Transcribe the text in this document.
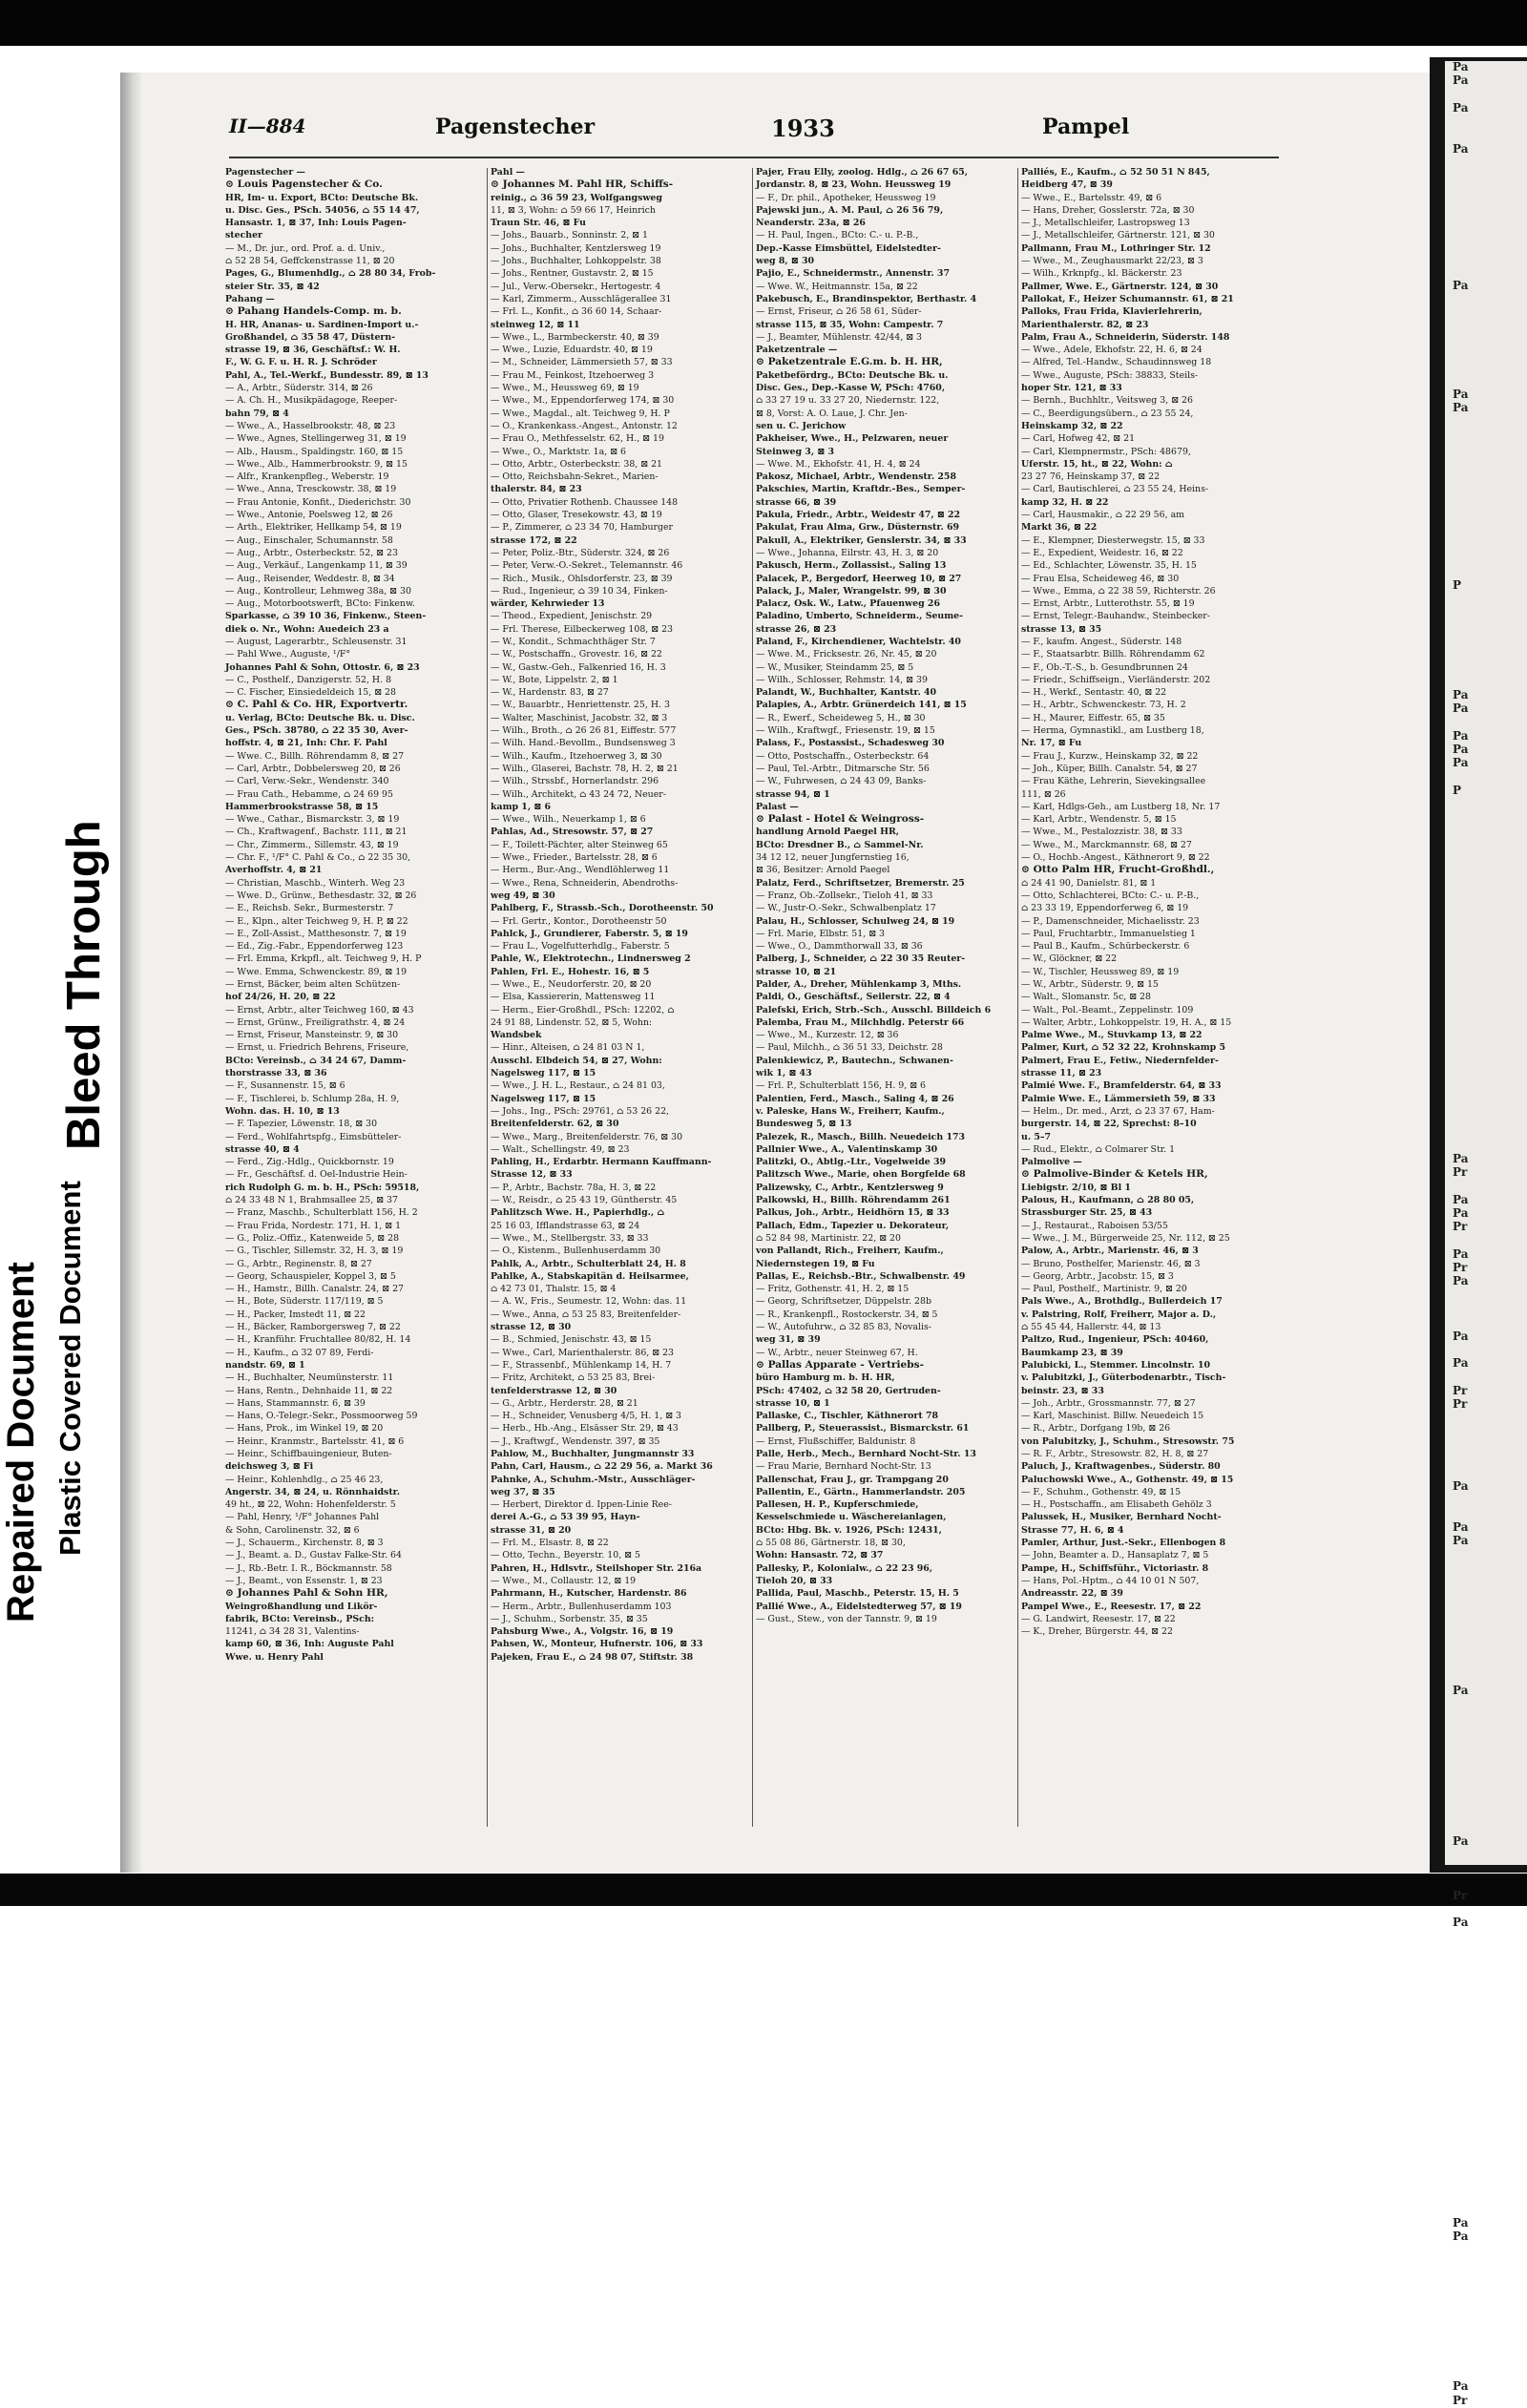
Pa
Pa
Pa
Pa
Pa
Pa
Pa
P
Pa
Pa
Pa
Pa
Pa
P
Pa
Pr
Pa
Pa
Pr
Pa
Pr
Pa
Pa
Pa
Pr
Pr
Pa
Pa
Pa
Pa
Pa
Pr
Pa
Pa
Pa
Pa
Pr
Bleed Through
Repaired Document Plastic Covered Document
II—884	Pagenstecher	1933	Pampel
Pagenstecher —
⊙ Louis Pagenstecher & Co.
HR, Im- u. Export, BCto: Deutsche Bk.
u. Disc. Ges., PSch. 54056, ⌂ 55 14 47,
Hansastr. 1, ⊠ 37, Inh: Louis Pagen-
stecher
— M., Dr. jur., ord. Prof. a. d. Univ.,
⌂ 52 28 54, Geffckenstrasse 11, ⊠ 20
Pages, G., Blumenhdlg., ⌂ 28 80 34, Frob-
steier Str. 35, ⊠ 42
Pahang —
⊙ Pahang Handels-Comp. m. b.
H. HR, Ananas- u. Sardinen-Import u.-
Großhandel, ⌂ 35 58 47, Düstern-
strasse 19, ⊠ 36, Geschäftsf.: W. H.
F., W. G. F. u. H. R. J. Schröder
Pahl, A., Tel.-Werkf., Bundesstr. 89, ⊠ 13
— A., Arbtr., Süderstr. 314, ⊠ 26
— A. Ch. H., Musikpädagoge, Reeper-
bahn 79, ⊠ 4
— Wwe., A., Hasselbrookstr. 48, ⊠ 23
— Wwe., Agnes, Stellingerweg 31, ⊠ 19
— Alb., Hausm., Spaldingstr. 160, ⊠ 15
— Wwe., Alb., Hammerbrookstr. 9, ⊠ 15
— Alfr., Krankenpfleg., Weberstr. 19
— Wwe., Anna, Tresckowstr. 38, ⊠ 19
— Frau Antonie, Konfit., Diederichstr. 30
— Wwe., Antonie, Poelsweg 12, ⊠ 26
— Arth., Elektriker, Hellkamp 54, ⊠ 19
— Aug., Einschaler, Schumannstr. 58
— Aug., Arbtr., Osterbeckstr. 52, ⊠ 23
— Aug., Verkäuf., Langenkamp 11, ⊠ 39
— Aug., Reisender, Weddestr. 8, ⊠ 34
— Aug., Kontrolleur, Lehmweg 38a, ⊠ 30
— Aug., Motorbootswerft, BCto: Finkenw.
Sparkasse, ⌂ 39 10 36, Finkenw., Steen-
diek o. Nr., Wohn: Auedeich 23 a
— August, Lagerarbtr., Schleusenstr. 31
— Pahl Wwe., Auguste, ¹/F°
Johannes Pahl & Sohn, Ottostr. 6, ⊠ 23
— C., Posthelf., Danzigerstr. 52, H. 8
— C. Fischer, Einsiedeldeich 15, ⊠ 28
⊙ C. Pahl & Co. HR, Exportvertr.
u. Verlag, BCto: Deutsche Bk. u. Disc.
Ges., PSch. 38780, ⌂ 22 35 30, Aver-
hoffstr. 4, ⊠ 21, Inh: Chr. F. Pahl
— Wwe. C., Billh. Röhrendamm 8, ⊠ 27
— Carl, Arbtr., Dobbelersweg 20, ⊠ 26
— Carl, Verw.-Sekr., Wendenstr. 340
— Frau Cath., Hebamme, ⌂ 24 69 95
Hammerbrookstrasse 58, ⊠ 15
— Wwe., Cathar., Bismarckstr. 3, ⊠ 19
— Ch., Kraftwagenf., Bachstr. 111, ⊠ 21
— Chr., Zimmerm., Sillemstr. 43, ⊠ 19
— Chr. F., ¹/F° C. Pahl & Co., ⌂ 22 35 30,
Averhoffstr. 4, ⊠ 21
— Christian, Maschb., Winterh. Weg 23
— Wwe. D., Grünw., Bethesdastr. 32, ⊠ 26
— E., Reichsb. Sekr., Burmesterstr. 7
— E., Klpn., alter Teichweg 9, H. P, ⊠ 22
— E., Zoll-Assist., Matthesonstr. 7, ⊠ 19
— Ed., Zig.-Fabr., Eppendorferweg 123
— Frl. Emma, Krkpfl., alt. Teichweg 9, H. P
— Wwe. Emma, Schwenckestr. 89, ⊠ 19
— Ernst, Bäcker, beim alten Schützen-
hof 24/26, H. 20, ⊠ 22
— Ernst, Arbtr., alter Teichweg 160, ⊠ 43
— Ernst, Grünw., Freiligrathstr. 4, ⊠ 24
— Ernst, Friseur, Mansteinstr. 9, ⊠ 30
— Ernst, u. Friedrich Behrens, Friseure,
BCto: Vereinsb., ⌂ 34 24 67, Damm-
thorstrasse 33, ⊠ 36
— F., Susannenstr. 15, ⊠ 6
— F., Tischlerei, b. Schlump 28a, H. 9,
Wohn. das. H. 10, ⊠ 13
— F. Tapezier, Löwenstr. 18, ⊠ 30
— Ferd., Wohlfahrtspfg., Eimsbütteler-
strasse 40, ⊠ 4
— Ferd., Zig.-Hdlg., Quickbornstr. 19
— Fr., Geschäftsf. d. Oel-Industrie Hein-
rich Rudolph G. m. b. H., PSch: 59518,
⌂ 24 33 48 N 1, Brahmsallee 25, ⊠ 37
— Franz, Maschb., Schulterblatt 156, H. 2
— Frau Frida, Nordestr. 171, H. 1, ⊠ 1
— G., Poliz.-Offiz., Katenweide 5, ⊠ 28
— G., Tischler, Sillemstr. 32, H. 3, ⊠ 19
— G., Arbtr., Reginenstr. 8, ⊠ 27
— Georg, Schauspieler, Koppel 3, ⊠ 5
— H., Hamstr., Billh. Canalstr. 24, ⊠ 27
— H., Bote, Süderstr. 117/119, ⊠ 5
— H., Packer, Imstedt 11, ⊠ 22
— H., Bäcker, Ramborgersweg 7, ⊠ 22
— H., Kranführ. Fruchtallee 80/82, H. 14
— H., Kaufm., ⌂ 32 07 89, Ferdi-
nandstr. 69, ⊠ 1
— H., Buchhalter, Neumünsterstr. 11
— Hans, Rentn., Dehnhaide 11, ⊠ 22
— Hans, Stammannstr. 6, ⊠ 39
— Hans, O.-Telegr.-Sekr., Possmoorweg 59
— Hans, Prok., im Winkel 19, ⊠ 20
— Heinr., Kranmstr., Bartelsstr. 41, ⊠ 6
— Heinr., Schiffbauingenieur, Buten-
deichsweg 3, ⊠ Fi
— Heinr., Kohlenhdlg., ⌂ 25 46 23,
Angerstr. 34, ⊠ 24, u. Rönnhaidstr.
49 ht., ⊠ 22, Wohn: Hohenfelderstr. 5
— Pahl, Henry, ¹/F° Johannes Pahl
& Sohn, Carolinenstr. 32, ⊠ 6
— J., Schauerm., Kirchenstr. 8, ⊠ 3
— J., Beamt. a. D., Gustav Falke-Str. 64
— J., Rb.-Betr. I. R., Böckmannstr. 58
— J., Beamt., von Essenstr. 1, ⊠ 23
⊙ Johannes Pahl & Sohn HR,
Weingroßhandlung und Likör-
fabrik, BCto: Vereinsb., PSch:
11241, ⌂ 34 28 31, Valentins-
kamp 60, ⊠ 36, Inh: Auguste Pahl
Wwe. u. Henry Pahl
Pahl —
⊙ Johannes M. Pahl HR, Schiffs-
reinig., ⌂ 36 59 23, Wolfgangsweg
11, ⊠ 3, Wohn: ⌂ 59 66 17, Heinrich
Traun Str. 46, ⊠ Fu
— Johs., Bauarb., Sonninstr. 2, ⊠ 1
— Johs., Buchhalter, Kentzlersweg 19
— Johs., Buchhalter, Lohkoppelstr. 38
— Johs., Rentner, Gustavstr. 2, ⊠ 15
— Jul., Verw.-Obersekr., Hertogestr. 4
— Karl, Zimmerm., Ausschlägerallee 31
— Frl. L., Konfit., ⌂ 36 60 14, Schaar-
steinweg 12, ⊠ 11
— Wwe., L., Barmbeckerstr. 40, ⊠ 39
— Wwe., Luzie, Eduardstr. 40, ⊠ 19
— M., Schneider, Lämmersieth 57, ⊠ 33
— Frau M., Feinkost, Itzehoerweg 3
— Wwe., M., Heussweg 69, ⊠ 19
— Wwe., M., Eppendorferweg 174, ⊠ 30
— Wwe., Magdal., alt. Teichweg 9, H. P
— O., Krankenkass.-Angest., Antonstr. 12
— Frau O., Methfesselstr. 62, H., ⊠ 19
— Wwe., O., Marktstr. 1a, ⊠ 6
— Otto, Arbtr., Osterbeckstr. 38, ⊠ 21
— Otto, Reichsbahn-Sekret., Marien-
thalerstr. 84, ⊠ 23
— Otto, Privatier Rothenb. Chaussee 148
— Otto, Glaser, Tresekowstr. 43, ⊠ 19
— P., Zimmerer, ⌂ 23 34 70, Hamburger
strasse 172, ⊠ 22
— Peter, Poliz.-Btr., Süderstr. 324, ⊠ 26
— Peter, Verw.-O.-Sekret., Telemannstr. 46
— Rich., Musik., Ohlsdorferstr. 23, ⊠ 39
— Rud., Ingenieur, ⌂ 39 10 34, Finken-
wärder, Kehrwieder 13
— Theod., Expedient, Jenischstr. 29
— Frl. Therese, Eilbeckerweg 108, ⊠ 23
— W., Kondit., Schmachthäger Str. 7
— W., Postschaffn., Grovestr. 16, ⊠ 22
— W., Gastw.-Geh., Falkenried 16, H. 3
— W., Bote, Lippelstr. 2, ⊠ 1
— W., Hardenstr. 83, ⊠ 27
— W., Bauarbtr., Henriettenstr. 25, H. 3
— Walter, Maschinist, Jacobstr. 32, ⊠ 3
— Wilh., Broth., ⌂ 26 26 81, Eiffestr. 577
— Wilh. Hand.-Bevollm., Bundsensweg 3
— Wilh., Kaufm., Itzehoerweg 3, ⊠ 30
— Wilh., Glaserei, Bachstr. 78, H. 2, ⊠ 21
— Wilh., Strssbf., Hornerlandstr. 296
— Wilh., Architekt, ⌂ 43 24 72, Neuer-
kamp 1, ⊠ 6
— Wwe., Wilh., Neuerkamp 1, ⊠ 6
Pahlas, Ad., Stresowstr. 57, ⊠ 27
— F., Toilett-Pächter, alter Steinweg 65
— Wwe., Frieder., Bartelsstr. 28, ⊠ 6
— Herm., Bur.-Ang., Wendlöhlerweg 11
— Wwe., Rena, Schneiderin, Abendroths-
weg 49, ⊠ 30
Pahlberg, F., Strassb.-Sch., Dorotheenstr. 50
— Frl. Gertr., Kontor., Dorotheenstr 50
Pahlck, J., Grundierer, Faberstr. 5, ⊠ 19
— Frau L., Vogelfutterhdlg., Faberstr. 5
Pahle, W., Elektrotechn., Lindnersweg 2
Pahlen, Frl. E., Hohestr. 16, ⊠ 5
— Wwe., E., Neudorferstr. 20, ⊠ 20
— Elsa, Kassiererin, Mattensweg 11
— Herm., Eier-Großhdl., PSch: 12202, ⌂
24 91 88, Lindenstr. 52, ⊠ 5, Wohn:
Wandsbek
— Hinr., Alteisen, ⌂ 24 81 03 N 1,
Ausschl. Elbdeich 54, ⊠ 27, Wohn:
Nagelsweg 117, ⊠ 15
— Wwe., J. H. L., Restaur., ⌂ 24 81 03,
Nagelsweg 117, ⊠ 15
— Johs., Ing., PSch: 29761, ⌂ 53 26 22,
Breitenfelderstr. 62, ⊠ 30
— Wwe., Marg., Breitenfelderstr. 76, ⊠ 30
— Walt., Schellingstr. 49, ⊠ 23
Pahling, H., Erdarbtr. Hermann Kauffmann-
Strasse 12, ⊠ 33
— P., Arbtr., Bachstr. 78a, H. 3, ⊠ 22
— W., Reisdr., ⌂ 25 43 19, Güntherstr. 45
Pahlitzsch Wwe. H., Papierhdlg., ⌂
25 16 03, Ifflandstrasse 63, ⊠ 24
— Wwe., M., Stellbergstr. 33, ⊠ 33
— O., Kistenm., Bullenhuserdamm 30
Pahlk, A., Arbtr., Schulterblatt 24, H. 8
Pahlke, A., Stabskapitän d. Heilsarmee,
⌂ 42 73 01, Thalstr. 15, ⊠ 4
— A. W., Fris., Seumestr. 12, Wohn: das. 11
— Wwe., Anna, ⌂ 53 25 83, Breitenfelder-
strasse 12, ⊠ 30
— B., Schmied, Jenischstr. 43, ⊠ 15
— Wwe., Carl, Marienthalerstr. 86, ⊠ 23
— F., Strassenbf., Mühlenkamp 14, H. 7
— Fritz, Architekt, ⌂ 53 25 83, Brei-
tenfelderstrasse 12, ⊠ 30
— G., Arbtr., Herderstr. 28, ⊠ 21
— H., Schneider, Venusberg 4/5, H. 1, ⊠ 3
— Herb., Hb.-Ang., Elsässer Str. 29, ⊠ 43
— J., Kraftwgf., Wendenstr. 397, ⊠ 35
Pahlow, M., Buchhalter, Jungmannstr 33
Pahn, Carl, Hausm., ⌂ 22 29 56, a. Markt 36
Pahnke, A., Schuhm.-Mstr., Ausschläger-
weg 37, ⊠ 35
— Herbert, Direktor d. Ippen-Linie Ree-
derei A.-G., ⌂ 53 39 95, Hayn-
strasse 31, ⊠ 20
— Frl. M., Elsastr. 8, ⊠ 22
— Otto, Techn., Beyerstr. 10, ⊠ 5
Pahren, H., Hdlsvtr., Steilshoper Str. 216a
— Wwe., M., Collaustr. 12, ⊠ 19
Pahrmann, H., Kutscher, Hardenstr. 86
— Herm., Arbtr., Bullenhuserdamm 103
— J., Schuhm., Sorbenstr. 35, ⊠ 35
Pahsburg Wwe., A., Volgstr. 16, ⊠ 19
Pahsen, W., Monteur, Hufnerstr. 106, ⊠ 33
Pajeken, Frau E., ⌂ 24 98 07, Stiftstr. 38
Pajer, Frau Elly, zoolog. Hdlg., ⌂ 26 67 65,
Jordanstr. 8, ⊠ 23, Wohn. Heussweg 19
— F., Dr. phil., Apotheker, Heussweg 19
Pajewski jun., A. M. Paul, ⌂ 26 56 79,
Neanderstr. 23a, ⊠ 26
— H. Paul, Ingen., BCto: C.- u. P.-B.,
Dep.-Kasse Eimsbüttel, Eidelstedter-
weg 8, ⊠ 30
Pajio, E., Schneidermstr., Annenstr. 37
— Wwe. W., Heitmannstr. 15a, ⊠ 22
Pakebusch, E., Brandinspektor, Berthastr. 4
— Ernst, Friseur, ⌂ 26 58 61, Süder-
strasse 115, ⊠ 35, Wohn: Campestr. 7
— J., Beamter, Mühlenstr. 42/44, ⊠ 3
Paketzentrale —
⊙ Paketzentrale E.G.m. b. H. HR,
Paketbefördrg., BCto: Deutsche Bk. u.
Disc. Ges., Dep.-Kasse W, PSch: 4760,
⌂ 33 27 19 u. 33 27 20, Niedernstr. 122,
⊠ 8, Vorst: A. O. Laue, J. Chr. Jen-
sen u. C. Jerichow
Pakheiser, Wwe., H., Pelzwaren, neuer
Steinweg 3, ⊠ 3
— Wwe. M., Ekhofstr. 41, H. 4, ⊠ 24
Pakosz, Michael, Arbtr., Wendenstr. 258
Pakschies, Martin, Kraftdr.-Bes., Semper-
strasse 66, ⊠ 39
Pakula, Friedr., Arbtr., Weidestr 47, ⊠ 22
Pakulat, Frau Alma, Grw., Düsternstr. 69
Pakull, A., Elektriker, Genslerstr. 34, ⊠ 33
— Wwe., Johanna, Eilrstr. 43, H. 3, ⊠ 20
Pakusch, Herm., Zollassist., Saling 13
Palacek, P., Bergedorf, Heerweg 10, ⊠ 27
Palack, J., Maler, Wrangelstr. 99, ⊠ 30
Palacz, Osk. W., Latw., Pfauenweg 26
Paladino, Umberto, Schneiderm., Seume-
strasse 26, ⊠ 23
Paland, F., Kirchendiener, Wachtelstr. 40
— Wwe. M., Fricksestr. 26, Nr. 45, ⊠ 20
— W., Musiker, Steindamm 25, ⊠ 5
— Wilh., Schlosser, Rehmstr. 14, ⊠ 39
Palandt, W., Buchhalter, Kantstr. 40
Palapies, A., Arbtr. Grünerdeich 141, ⊠ 15
— R., Ewerf., Scheideweg 5, H., ⊠ 30
— Wilh., Kraftwgf., Friesenstr. 19, ⊠ 15
Palass, F., Postassist., Schadesweg 30
— Otto, Postschaffn., Osterbeckstr. 64
— Paul, Tel.-Arbtr., Ditmarsche Str. 56
— W., Fuhrwesen, ⌂ 24 43 09, Banks-
strasse 94, ⊠ 1
Palast —
⊙ Palast - Hotel & Weingross-
handlung Arnold Paegel HR,
BCto: Dresdner B., ⌂ Sammel-Nr.
34 12 12, neuer Jungfernstieg 16,
⊠ 36, Besitzer: Arnold Paegel
Palatz, Ferd., Schriftsetzer, Bremerstr. 25
— Franz, Ob.-Zollsekr., Tieloh 41, ⊠ 33
— W., Justr-O.-Sekr., Schwalbenplatz 17
Palau, H., Schlosser, Schulweg 24, ⊠ 19
— Frl. Marie, Elbstr. 51, ⊠ 3
— Wwe., O., Dammthorwall 33, ⊠ 36
Palberg, J., Schneider, ⌂ 22 30 35 Reuter-
strasse 10, ⊠ 21
Palder, A., Dreher, Mühlenkamp 3, Mths.
Paldi, O., Geschäftsf., Seilerstr. 22, ⊠ 4
Palefski, Erich, Strb.-Sch., Ausschl. Billdeich 6
Palemba, Frau M., Milchhdlg. Peterstr 66
— Wwe., M., Kurzestr. 12, ⊠ 36
— Paul, Milchh., ⌂ 36 51 33, Deichstr. 28
Palenkiewicz, P., Bautechn., Schwanen-
wik 1, ⊠ 43
— Frl. P., Schulterblatt 156, H. 9, ⊠ 6
Palentien, Ferd., Masch., Saling 4, ⊠ 26
v. Paleske, Hans W., Freiherr, Kaufm.,
Bundesweg 5, ⊠ 13
Palezek, R., Masch., Billh. Neuedeich 173
Pallnier Wwe., A., Valentinskamp 30
Palitzki, O., Abtlg.-Ltr., Vogelweide 39
Palitzsch Wwe., Marie, ohen Borgfelde 68
Palizewsky, C., Arbtr., Kentzlersweg 9
Palkowski, H., Billh. Röhrendamm 261
Palkus, Joh., Arbtr., Heidhörn 15, ⊠ 33
Pallach, Edm., Tapezier u. Dekorateur,
⌂ 52 84 98, Martinistr. 22, ⊠ 20
von Pallandt, Rich., Freiherr, Kaufm.,
Niedernstegen 19, ⊠ Fu
Pallas, E., Reichsb.-Btr., Schwalbenstr. 49
— Fritz, Gothenstr. 41, H. 2, ⊠ 15
— Georg, Schriftsetzer, Düppelstr. 28b
— R., Krankenpfl., Rostockerstr. 34, ⊠ 5
— W., Autofuhrw., ⌂ 32 85 83, Novalis-
weg 31, ⊠ 39
— W., Arbtr., neuer Steinweg 67, H.
⊙ Pallas Apparate - Vertriebs-
büro Hamburg m. b. H. HR,
PSch: 47402, ⌂ 32 58 20, Gertruden-
strasse 10, ⊠ 1
Pallaske, C., Tischler, Käthnerort 78
Pallberg, P., Steuerassist., Bismarckstr. 61
— Ernst, Flußschiffer, Baldunistr. 8
Palle, Herb., Mech., Bernhard Nocht-Str. 13
— Frau Marie, Bernhard Nocht-Str. 13
Pallenschat, Frau J., gr. Trampgang 20
Pallentin, E., Gärtn., Hammerlandstr. 205
Pallesen, H. P., Kupferschmiede,
Kesselschmiede u. Wäschereianlagen,
BCto: Hbg. Bk. v. 1926, PSch: 12431,
⌂ 55 08 86, Gärtnerstr. 18, ⊠ 30,
Wohn: Hansastr. 72, ⊠ 37
Pallesky, P., Kolonialw., ⌂ 22 23 96,
Tieloh 20, ⊠ 33
Pallida, Paul, Maschb., Peterstr. 15, H. 5
Pallié Wwe., A., Eidelstedterweg 57, ⊠ 19
— Gust., Stew., von der Tannstr. 9, ⊠ 19
Palliés, E., Kaufm., ⌂ 52 50 51 N 845,
Heidberg 47, ⊠ 39
— Wwe., E., Bartelsstr. 49, ⊠ 6
— Hans, Dreher, Gosslerstr. 72a, ⊠ 30
— J., Metallschleifer, Lastropsweg 13
— J., Metallschleifer, Gärtnerstr. 121, ⊠ 30
Pallmann, Frau M., Lothringer Str. 12
— Wwe., M., Zeughausmarkt 22/23, ⊠ 3
— Wilh., Krknpfg., kl. Bäckerstr. 23
Pallmer, Wwe. E., Gärtnerstr. 124, ⊠ 30
Pallokat, F., Heizer Schumannstr. 61, ⊠ 21
Palloks, Frau Frida, Klavierlehrerin,
Marienthalerstr. 82, ⊠ 23
Palm, Frau A., Schneiderin, Süderstr. 148
— Wwe., Adele, Ekhofstr. 22, H. 6, ⊠ 24
— Alfred, Tel.-Handw., Schaudinnsweg 18
— Wwe., Auguste, PSch: 38833, Steils-
hoper Str. 121, ⊠ 33
— Bernh., Buchhltr., Veitsweg 3, ⊠ 26
— C., Beerdigungsübern., ⌂ 23 55 24,
Heinskamp 32, ⊠ 22
— Carl, Hofweg 42, ⊠ 21
— Carl, Klempnermstr., PSch: 48679,
Uferstr. 15, ht., ⊠ 22, Wohn: ⌂
23 27 76, Heinskamp 37, ⊠ 22
— Carl, Bautischlerei, ⌂ 23 55 24, Heins-
kamp 32, H. ⊠ 22
— Carl, Hausmakir., ⌂ 22 29 56, am
Markt 36, ⊠ 22
— E., Klempner, Diesterwegstr. 15, ⊠ 33
— E., Expedient, Weidestr. 16, ⊠ 22
— Ed., Schlachter, Löwenstr. 35, H. 15
— Frau Elsa, Scheideweg 46, ⊠ 30
— Wwe., Emma, ⌂ 22 38 59, Richterstr. 26
— Ernst, Arbtr., Lutterothstr. 55, ⊠ 19
— Ernst, Telegr.-Bauhandw., Steinbecker-
strasse 13, ⊠ 35
— F., kaufm. Angest., Süderstr. 148
— F., Staatsarbtr. Billh. Röhrendamm 62
— F., Ob.-T.-S., b. Gesundbrunnen 24
— Friedr., Schiffseign., Vierländerstr. 202
— H., Werkf., Sentastr. 40, ⊠ 22
— H., Arbtr., Schwenckestr. 73, H. 2
— H., Maurer, Eiffestr. 65, ⊠ 35
— Herma, Gymnastikl., am Lustberg 18,
Nr. 17, ⊠ Fu
— Frau J., Kurzw., Heinskamp 32, ⊠ 22
— Joh., Küper, Billh. Canalstr. 54, ⊠ 27
— Frau Käthe, Lehrerin, Sievekingsallee
111, ⊠ 26
— Karl, Hdlgs-Geh., am Lustberg 18, Nr. 17
— Karl, Arbtr., Wendenstr. 5, ⊠ 15
— Wwe., M., Pestalozzistr. 38, ⊠ 33
— Wwe., M., Marckmannstr. 68, ⊠ 27
— O., Hochb.-Angest., Käthnerort 9, ⊠ 22
⊙ Otto Palm HR, Frucht-Großhdl.,
⌂ 24 41 90, Danielstr. 81, ⊠ 1
— Otto, Schlachterei, BCto: C.- u. P.-B.,
⌂ 23 33 19, Eppendorferweg 6, ⊠ 19
— P., Damenschneider, Michaelisstr. 23
— Paul, Fruchtarbtr., Immanuelstieg 1
— Paul B., Kaufm., Schürbeckerstr. 6
— W., Glöckner, ⊠ 22
— W., Tischler, Heussweg 89, ⊠ 19
— W., Arbtr., Süderstr. 9, ⊠ 15
— Walt., Slomanstr. 5c, ⊠ 28
— Walt., Pol.-Beamt., Zeppelinstr. 109
— Walter, Arbtr., Lohkoppelstr. 19, H. A., ⊠ 15
Palme Wwe., M., Stuvkamp 13, ⊠ 22
Palmer, Kurt, ⌂ 52 32 22, Krohnskamp 5
Palmert, Frau E., Fetiw., Niedernfelder-
strasse 11, ⊠ 23
Palmié Wwe. F., Bramfelderstr. 64, ⊠ 33
Palmie Wwe. E., Lämmersieth 59, ⊠ 33
— Helm., Dr. med., Arzt, ⌂ 23 37 67, Ham-
burgerstr. 14, ⊠ 22, Sprechst: 8–10
u. 5–7
— Rud., Elektr., ⌂ Colmarer Str. 1
Palmolive —
⊙ Palmolive-Binder & Ketels HR,
Liebigstr. 2/10, ⊠ Bl 1
Palous, H., Kaufmann, ⌂ 28 80 05,
Strassburger Str. 25, ⊠ 43
— J., Restaurat., Raboisen 53/55
— Wwe., J. M., Bürgerweide 25, Nr. 112, ⊠ 25
Palow, A., Arbtr., Marienstr. 46, ⊠ 3
— Bruno, Posthelfer, Marienstr. 46, ⊠ 3
— Georg, Arbtr., Jacobstr. 15, ⊠ 3
— Paul, Posthelf., Martinistr. 9, ⊠ 20
Pals Wwe., A., Brothdlg., Bullerdeich 17
v. Palstring, Rolf, Freiherr, Major a. D.,
⌂ 55 45 44, Hallerstr. 44, ⊠ 13
Paltzo, Rud., Ingenieur, PSch: 40460,
Baumkamp 23, ⊠ 39
Palubicki, L., Stemmer. Lincolnstr. 10
v. Palubitzki, J., Güterbodenarbtr., Tisch-
beinstr. 23, ⊠ 33
— Joh., Arbtr., Grossmannstr. 77, ⊠ 27
— Karl, Maschinist. Billw. Neuedeich 15
— R., Arbtr., Dorfgang 19b, ⊠ 26
von Palubitzky, J., Schuhm., Stresowstr. 75
— R. F., Arbtr., Stresowstr. 82, H. 8, ⊠ 27
Paluch, J., Kraftwagenbes., Süderstr. 80
Paluchowski Wwe., A., Gothenstr. 49, ⊠ 15
— F., Schuhm., Gothenstr. 49, ⊠ 15
— H., Postschaffn., am Elisabeth Gehölz 3
Palussek, H., Musiker, Bernhard Nocht-
Strasse 77, H. 6, ⊠ 4
Pamler, Arthur, Just.-Sekr., Ellenbogen 8
— John, Beamter a. D., Hansaplatz 7, ⊠ 5
Pampe, H., Schiffsführ., Victoriastr. 8
— Hans, Pol.-Hptm., ⌂ 44 10 01 N 507,
Andreasstr. 22, ⊠ 39
Pampel Wwe., E., Reesestr. 17, ⊠ 22
— G. Landwirt, Reesestr. 17, ⊠ 22
— K., Dreher, Bürgerstr. 44, ⊠ 22
